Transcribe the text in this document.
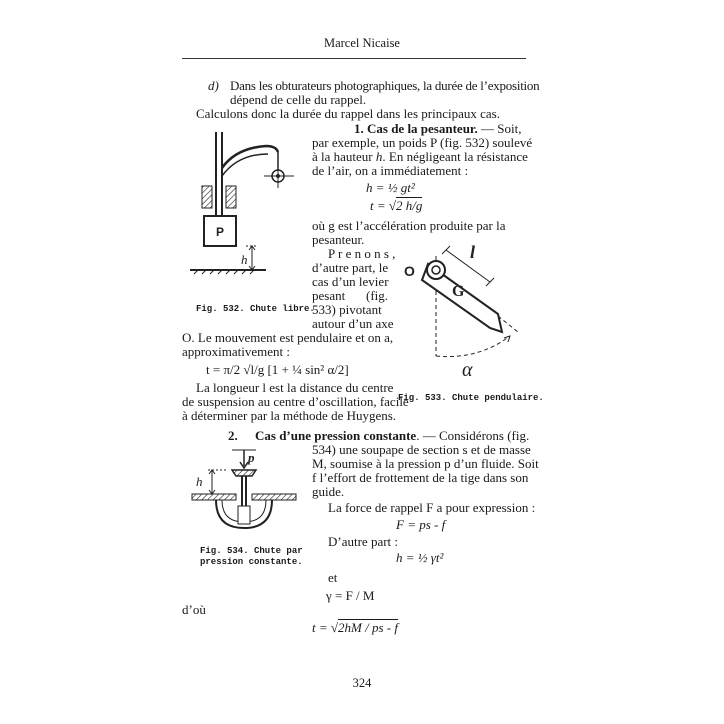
Marcel Nicaise
d) Dans les obturateurs photographiques, la durée de l’exposition
dépend de celle du rappel.
Calculons donc la durée du rappel dans les principaux cas.
1. Cas de la pesanteur. — Soit,
par exemple, un poids P (fig. 532) soulevé
à la hauteur h. En négligeant la résistance
de l’air, on a immédiatement :
h = ½ gt²
t = √2 h/g
où g est l’accélération produite par la
pesanteur.
P r e n o n s ,
d’autre part, le
cas d’un levier
pesant (fig.
533) pivotant
autour d’un axe
O. Le mouvement est pendulaire et on a,
approximativement :
t = π/2 √l/g [1 + ¼ sin² α/2]
La longueur l est la distance du centre
de suspension au centre d’oscillation, facile
à déterminer par la méthode de Huygens.
2. Cas d’une pression constante. — Considérons (fig.
534) une soupape de section s et de masse
M, soumise à la pression p d’un fluide. Soit
f l’effort de frottement de la tige dans son
guide.
La force de rappel F a pour expression :
F = ps - f
D’autre part :
h = ½ γt²
et
γ = F / M
d’où
t = √2hM / ps - f
P
h
Fig. 532. Chute libre.
O
G
l
α
Fig. 533. Chute pendulaire.
p
h
Fig. 534. Chute par
pression constante.
324
